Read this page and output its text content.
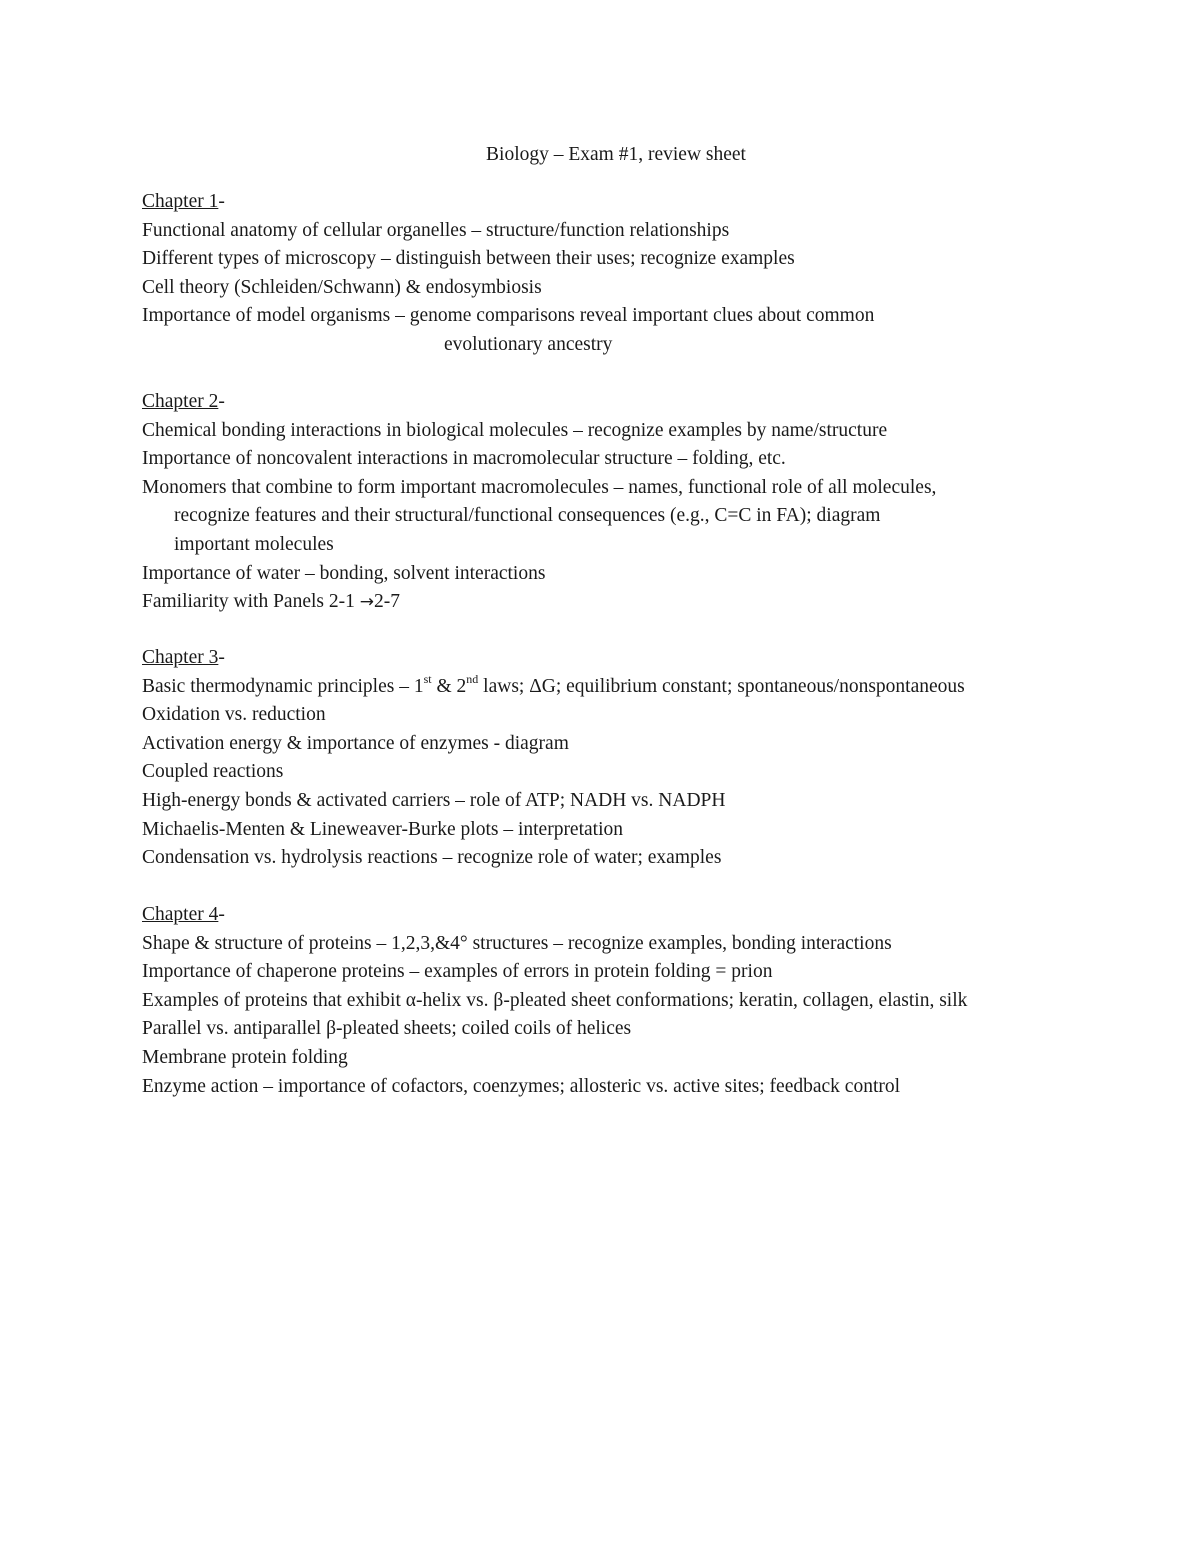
Biology – Exam #1, review sheet
Chapter 1-
Functional anatomy of cellular organelles – structure/function relationships
Different types of microscopy – distinguish between their uses; recognize examples
Cell theory (Schleiden/Schwann) & endosymbiosis
Importance of model organisms – genome comparisons reveal important clues about common
evolutionary ancestry
Chapter 2-
Chemical bonding interactions in biological molecules – recognize examples by name/structure
Importance of noncovalent interactions in macromolecular structure – folding, etc.
Monomers that combine to form important macromolecules – names, functional role of all molecules,
recognize features and their structural/functional consequences (e.g., C=C in FA); diagram
important molecules
Importance of water – bonding, solvent interactions
Familiarity with Panels 2-1 →2-7
Chapter 3-
Basic thermodynamic principles – 1st & 2nd laws; ΔG; equilibrium constant; spontaneous/nonspontaneous
Oxidation vs. reduction
Activation energy & importance of enzymes - diagram
Coupled reactions
High-energy bonds & activated carriers – role of ATP; NADH vs. NADPH
Michaelis-Menten & Lineweaver-Burke plots – interpretation
Condensation vs. hydrolysis reactions – recognize role of water; examples
Chapter 4-
Shape & structure of proteins – 1,2,3,&4° structures – recognize examples, bonding interactions
Importance of chaperone proteins – examples of errors in protein folding = prion
Examples of proteins that exhibit α-helix vs. β-pleated sheet conformations; keratin, collagen, elastin, silk
Parallel vs. antiparallel β-pleated sheets; coiled coils of helices
Membrane protein folding
Enzyme action – importance of cofactors, coenzymes; allosteric vs. active sites; feedback control
